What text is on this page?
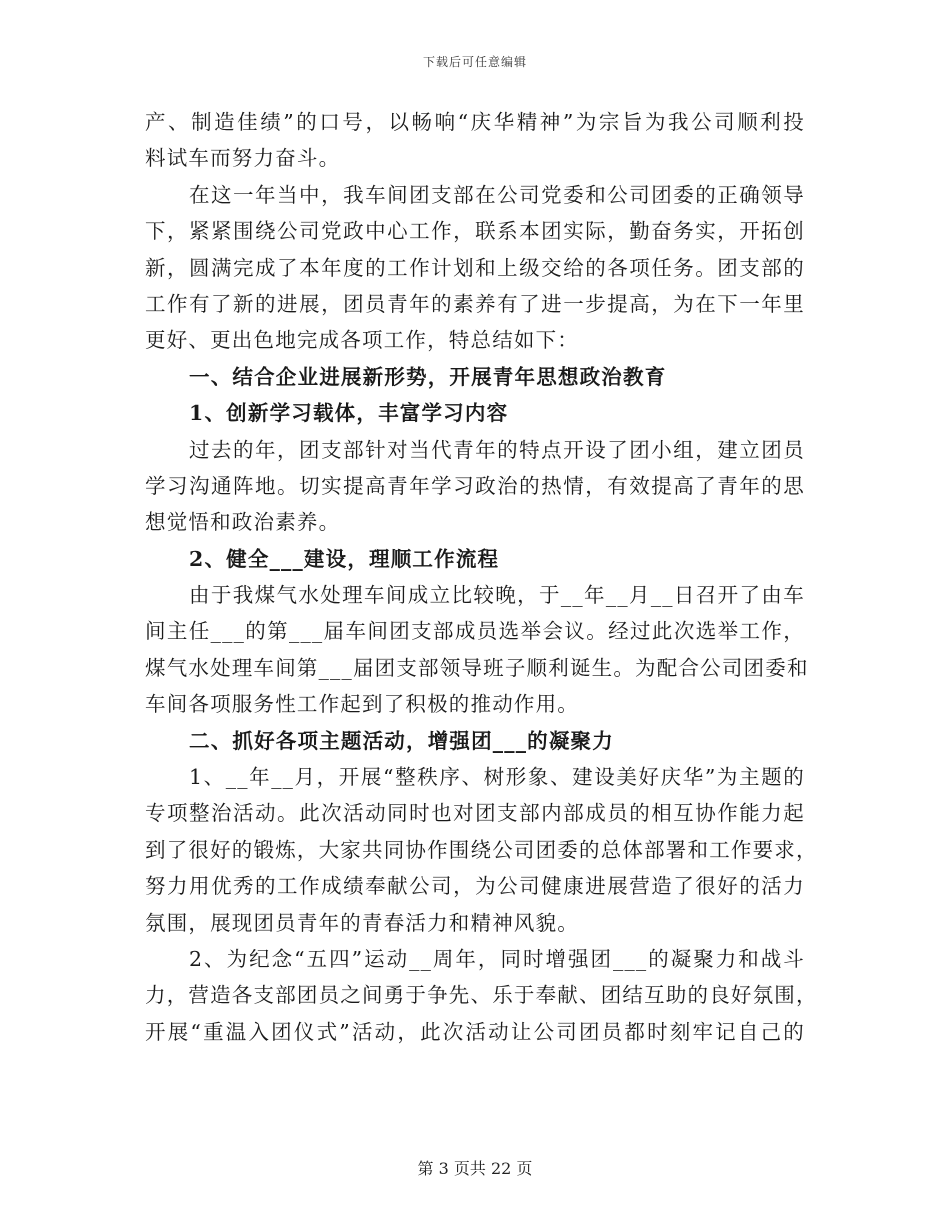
下载后可任意编辑
产、制造佳绩”的口号，以畅响“庆华精神”为宗旨为我公司顺利投
料试车而努力奋斗。
在这一年当中，我车间团支部在公司党委和公司团委的正确领导
下，紧紧围绕公司党政中心工作，联系本团实际，勤奋务实，开拓创
新，圆满完成了本年度的工作计划和上级交给的各项任务。团支部的
工作有了新的进展，团员青年的素养有了进一步提高，为在下一年里
更好、更出色地完成各项工作，特总结如下：
一、结合企业进展新形势，开展青年思想政治教育
1、创新学习载体，丰富学习内容
过去的年，团支部针对当代青年的特点开设了团小组，建立团员
学习沟通阵地。切实提高青年学习政治的热情，有效提高了青年的思
想觉悟和政治素养。
2、健全___建设，理顺工作流程
由于我煤气水处理车间成立比较晚，于__年__月__日召开了由车
间主任___的第___届车间团支部成员选举会议。经过此次选举工作，
煤气水处理车间第___届团支部领导班子顺利诞生。为配合公司团委和
车间各项服务性工作起到了积极的推动作用。
二、抓好各项主题活动，增强团___的凝聚力
1、__年__月，开展“整秩序、树形象、建设美好庆华”为主题的
专项整治活动。此次活动同时也对团支部内部成员的相互协作能力起
到了很好的锻炼，大家共同协作围绕公司团委的总体部署和工作要求，
努力用优秀的工作成绩奉献公司，为公司健康进展营造了很好的活力
氛围，展现团员青年的青春活力和精神风貌。
2、为纪念“五四”运动__周年，同时增强团___的凝聚力和战斗
力，营造各支部团员之间勇于争先、乐于奉献、团结互助的良好氛围，
开展“重温入团仪式”活动，此次活动让公司团员都时刻牢记自己的
第 3 页共 22 页
